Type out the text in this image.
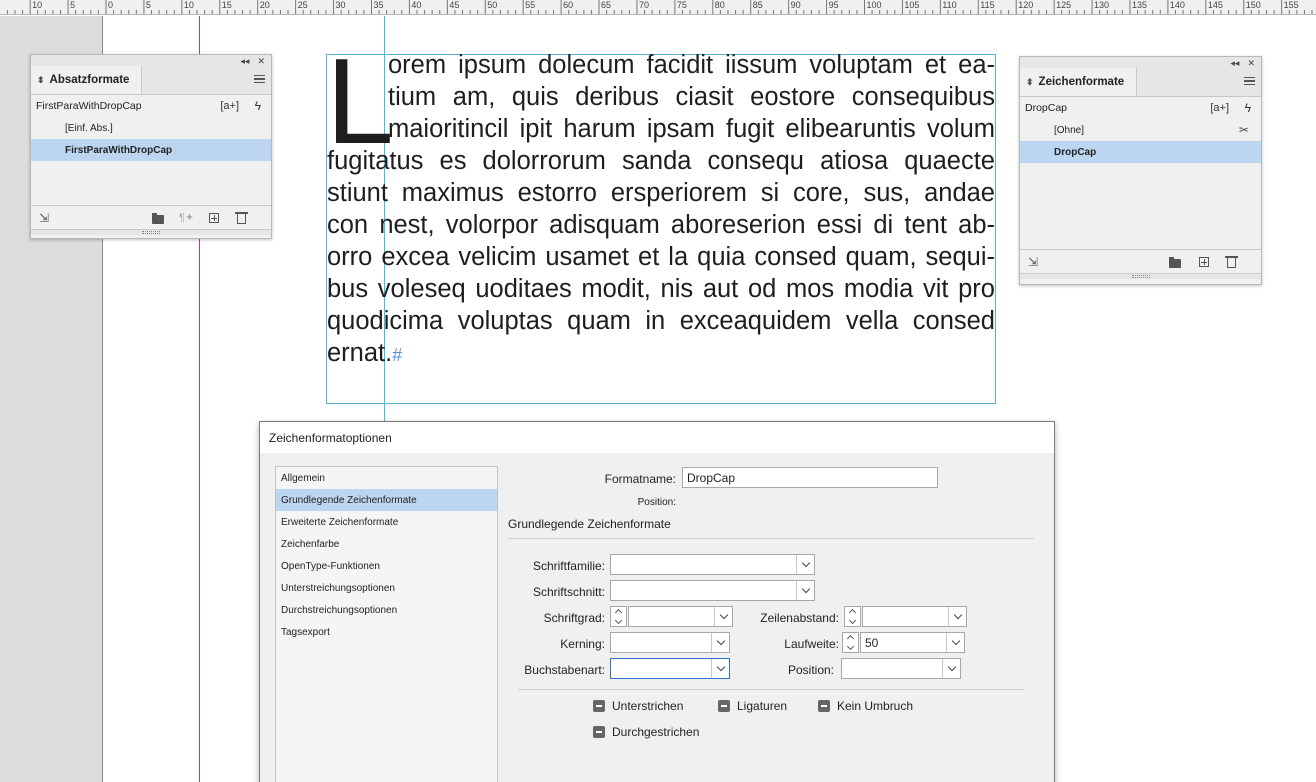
10	5	0	5	10	15	20	25	30	35	40	45	50	55	60	65	70	75	80	85	90	95	100	105	110	115	120	125	130	135	140	145	150	155
L
orem ipsum dolecum facidit iissum voluptam et ea-
tium am, quis deribus ciasit eostore consequibus
maioritincil ipit harum ipsam fugit elibearuntis volum
fugitatus es dolorrorum sanda consequ atiosa quaecte
stiunt maximus estorro ersperiorem si core, sus, andae
con nest, volorpor adisquam aboreserion essi di tent ab-
orro excea velicim usamet et la quia consed quam, sequi-
bus voleseq uoditaes modit, nis aut od mos modia vit pro
quodicima voluptas quam in exceaquidem vella consed
ernat.#
◂◂ ✕
⬍ Absatzformate
FirstParaWithDropCap	[a+] ϟ
[Einf. Abs.]
FirstParaWithDropCap
⇲	¶✦
◂◂ ✕
⬍ Zeichenformate
DropCap	[a+] ϟ
[Ohne]	✂
DropCap
⇲
Zeichenformatoptionen
Allgemein
Grundlegende Zeichenformate
Erweiterte Zeichenformate
Zeichenfarbe
OpenType-Funktionen
Unterstreichungsoptionen
Durchstreichungsoptionen
Tagsexport
Formatname: DropCap
Position:
Grundlegende Zeichenformate
Schriftfamilie:
Schriftschnitt:
Schriftgrad:	Zeilenabstand:
Kerning:	Laufweite:	50
Buchstabenart:	Position:
Unterstrichen	Ligaturen	Kein Umbruch
Durchgestrichen
